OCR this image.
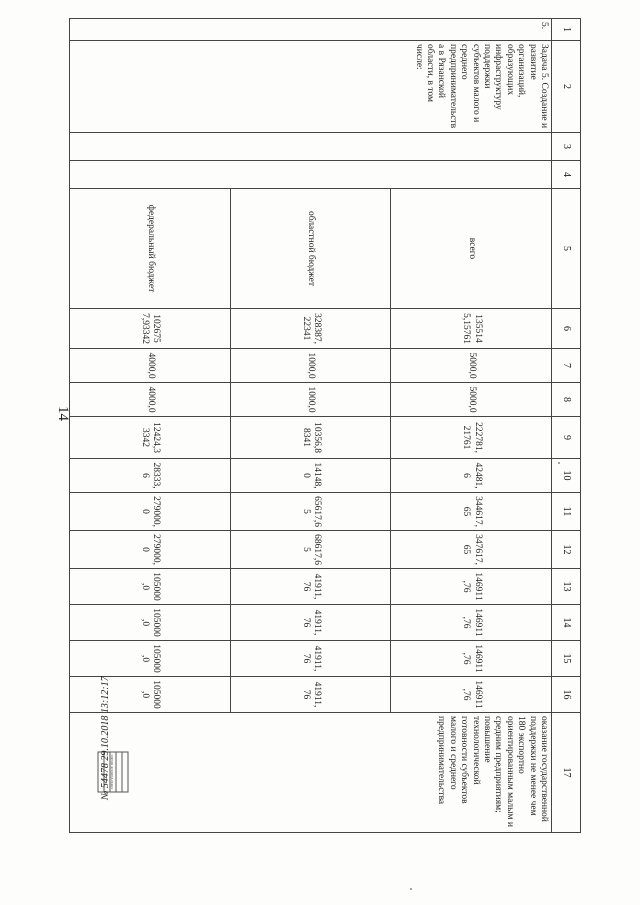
14
1	2	3	4	5	6	7	8	9	10	11	12	13	14	15	16	17
5.	Задача 5. Создание и развитие организаций, образующих инфраструктуру поддержки субъектов малого и среднего предпринимательства в Рязанской области, в том числе:			всего	1355145,15761	5000,0	5000,0	222781,21761	42481,6	344617,65	347617,65	146911,76	146911,76	146911,76	146911,76	оказание государственной поддержки не менее чем 180 экспортно ориентированным малым и средним предприятиям; повышение технологической готовности субъектов малого и среднего предпринимательства
				областной бюджет	328387,22341	1000,0	1000,0	10356,88341	14148,0	65617,65	68617,65	41911,76	41911,76	41911,76	41911,76	
				федеральный бюджет	1026757,93342	4000,0	4000,0	12424,33342	28333,6	279000,0	279000,0	105000,0	105000,0	105000,0	105000,0	
ЭЛЕКТРОННОЕ ПРАВО
№ 54478 29.10.2018 13:12:17
